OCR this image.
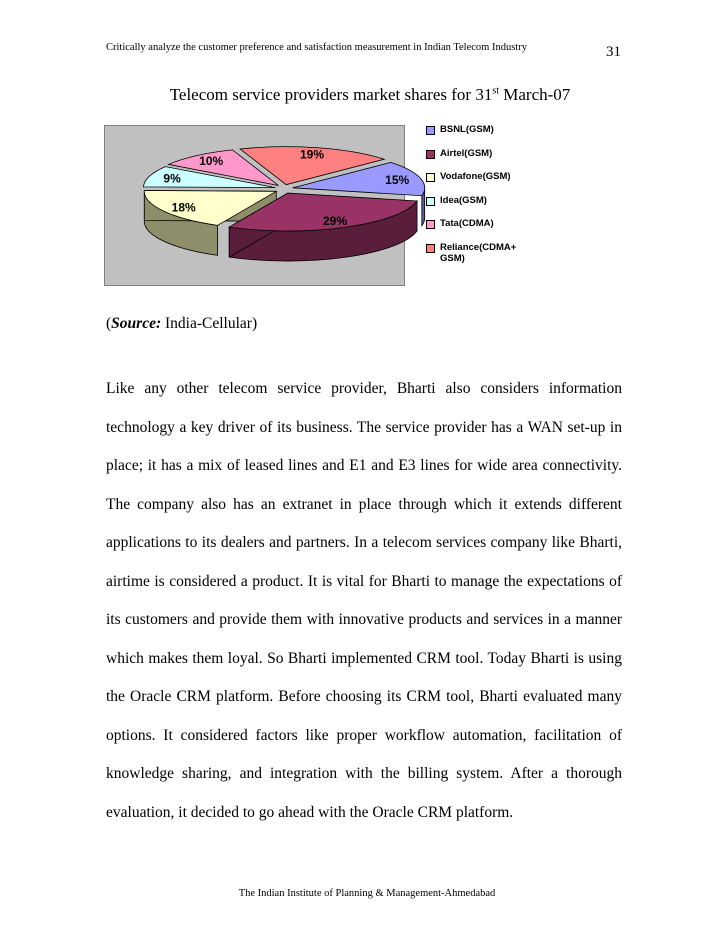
Critically analyze the customer preference and satisfaction measurement in Indian Telecom Industry	31
Telecom service providers market shares for 31st March-07
15%
29%
18%
9%
10%	19%
BSNL(GSM)
Airtel(GSM)
Vodafone(GSM)
Idea(GSM)
Tata(CDMA)
Reliance(CDMA+
GSM)
(Source: India-Cellular)

Like any other telecom service provider, Bharti also considers information technology a key driver of its business. The service provider has a WAN set-up in place; it has a mix of leased lines and E1 and E3 lines for wide area connectivity. The company also has an extranet in place through which it extends different applications to its dealers and partners. In a telecom services company like Bharti, airtime is considered a product. It is vital for Bharti to manage the expectations of its customers and provide them with innovative products and services in a manner which makes them loyal. So Bharti implemented CRM tool. Today Bharti is using the Oracle CRM platform. Before choosing its CRM tool, Bharti evaluated many options. It considered factors like proper workflow automation, facilitation of knowledge sharing, and integration with the billing system. After a thorough evaluation, it decided to go ahead with the Oracle CRM platform.

The Indian Institute of Planning & Management-Ahmedabad
